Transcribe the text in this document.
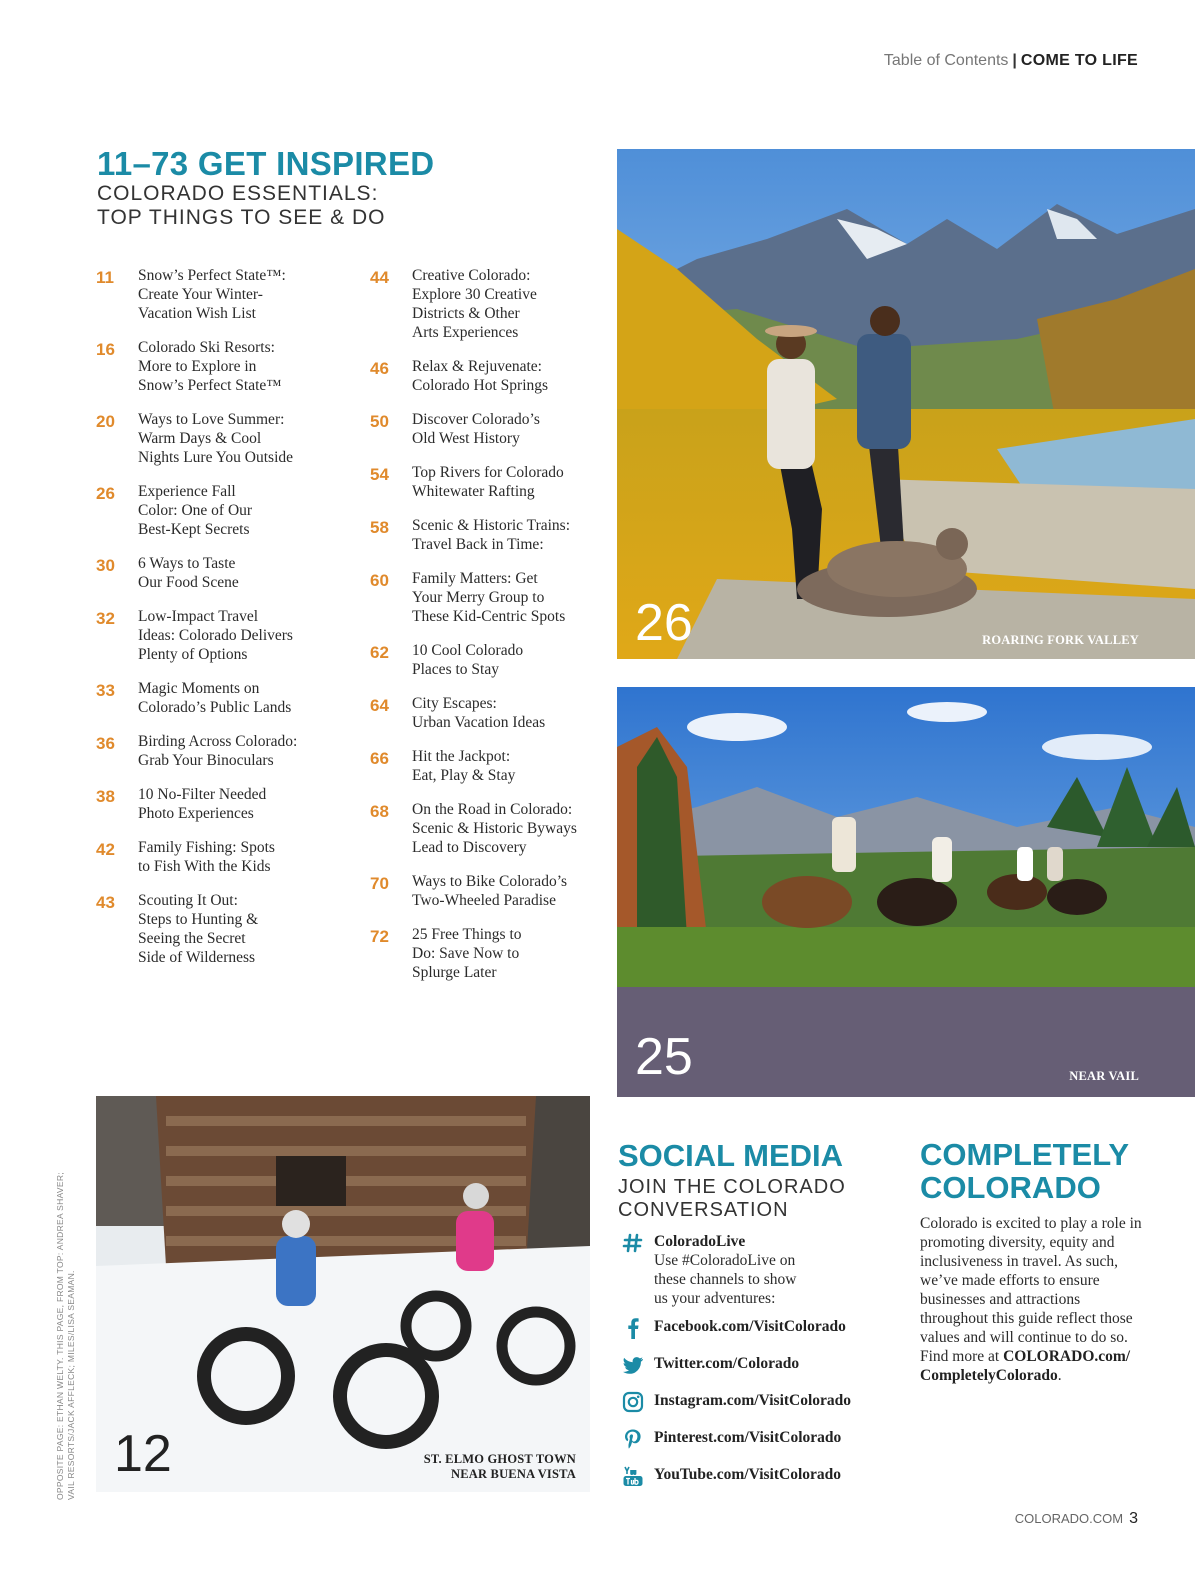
Table of Contents | COME TO LIFE
11–73 GET INSPIRED
COLORADO ESSENTIALS:
TOP THINGS TO SEE & DO
11 Snow’s Perfect State™:
Create Your Winter-
Vacation Wish List
16 Colorado Ski Resorts:
More to Explore in
Snow’s Perfect State™
20 Ways to Love Summer:
Warm Days & Cool
Nights Lure You Outside
26 Experience Fall
Color: One of Our
Best-Kept Secrets
30 6 Ways to Taste
Our Food Scene
32 Low-Impact Travel
Ideas: Colorado Delivers
Plenty of Options
33 Magic Moments on
Colorado’s Public Lands
36 Birding Across Colorado:
Grab Your Binoculars
38 10 No-Filter Needed
Photo Experiences
42 Family Fishing: Spots
to Fish With the Kids
43 Scouting It Out:
Steps to Hunting &
Seeing the Secret
Side of Wilderness
44 Creative Colorado:
Explore 30 Creative
Districts & Other
Arts Experiences
46 Relax & Rejuvenate:
Colorado Hot Springs
50 Discover Colorado’s
Old West History
54 Top Rivers for Colorado
Whitewater Rafting
58 Scenic & Historic Trains:
Travel Back in Time:
60 Family Matters: Get
Your Merry Group to
These Kid-Centric Spots
62 10 Cool Colorado
Places to Stay
64 City Escapes:
Urban Vacation Ideas
66 Hit the Jackpot:
Eat, Play & Stay
68 On the Road in Colorado:
Scenic & Historic Byways
Lead to Discovery
70 Ways to Bike Colorado’s
Two-Wheeled Paradise
72 25 Free Things to
Do: Save Now to
Splurge Later
26	ROARING FORK VALLEY
25	NEAR VAIL
12	ST. ELMO GHOST TOWN
NEAR BUENA VISTA
OPPOSITE PAGE: ETHAN WELTY. THIS PAGE, FROM TOP: ANDREA SHAVER;
VAIL RESORTS/JACK AFFLECK; MILES/LISA SEAMAN.
SOCIAL MEDIA
JOIN THE COLORADO
CONVERSATION
ColoradoLive
Use #ColoradoLive on
these channels to show
us your adventures:
Facebook.com/VisitColorado
Twitter.com/Colorado
Instagram.com/VisitColorado
Pinterest.com/VisitColorado
YouTube.com/VisitColorado
COMPLETELY
COLORADO
Colorado is excited to play a role in promoting diversity, equity and inclusiveness in travel. As such, we’ve made efforts to ensure businesses and attractions throughout this guide reflect those values and will continue to do so. Find more at COLORADO.com/
CompletelyColorado.
COLORADO.COM 3
